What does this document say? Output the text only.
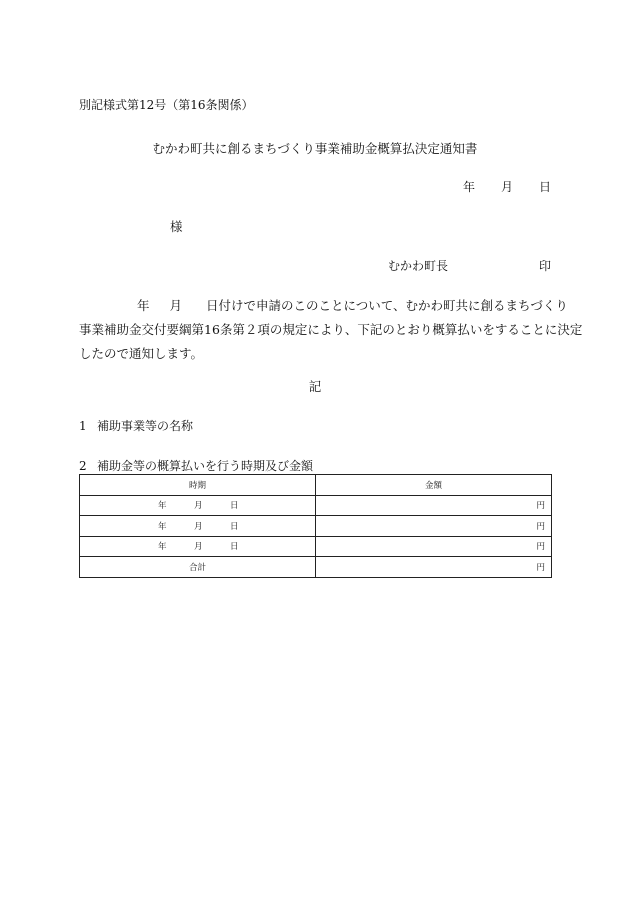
別記様式第12号（第16条関係）
むかわ町共に創るまちづくり事業補助金概算払決定通知書
年 月 日
様
むかわ町長	印
年 月 日付けで申請のこのことについて、むかわ町共に創るまちづくり
事業補助金交付要綱第16条第２項の規定により、下記のとおり概算払いをすることに決定
したので通知します。
記
1 補助事業等の名称
2 補助金等の概算払いを行う時期及び金額
時期	金額

年 月 日	円

年 月 日	円

年 月 日	円
合計	円
